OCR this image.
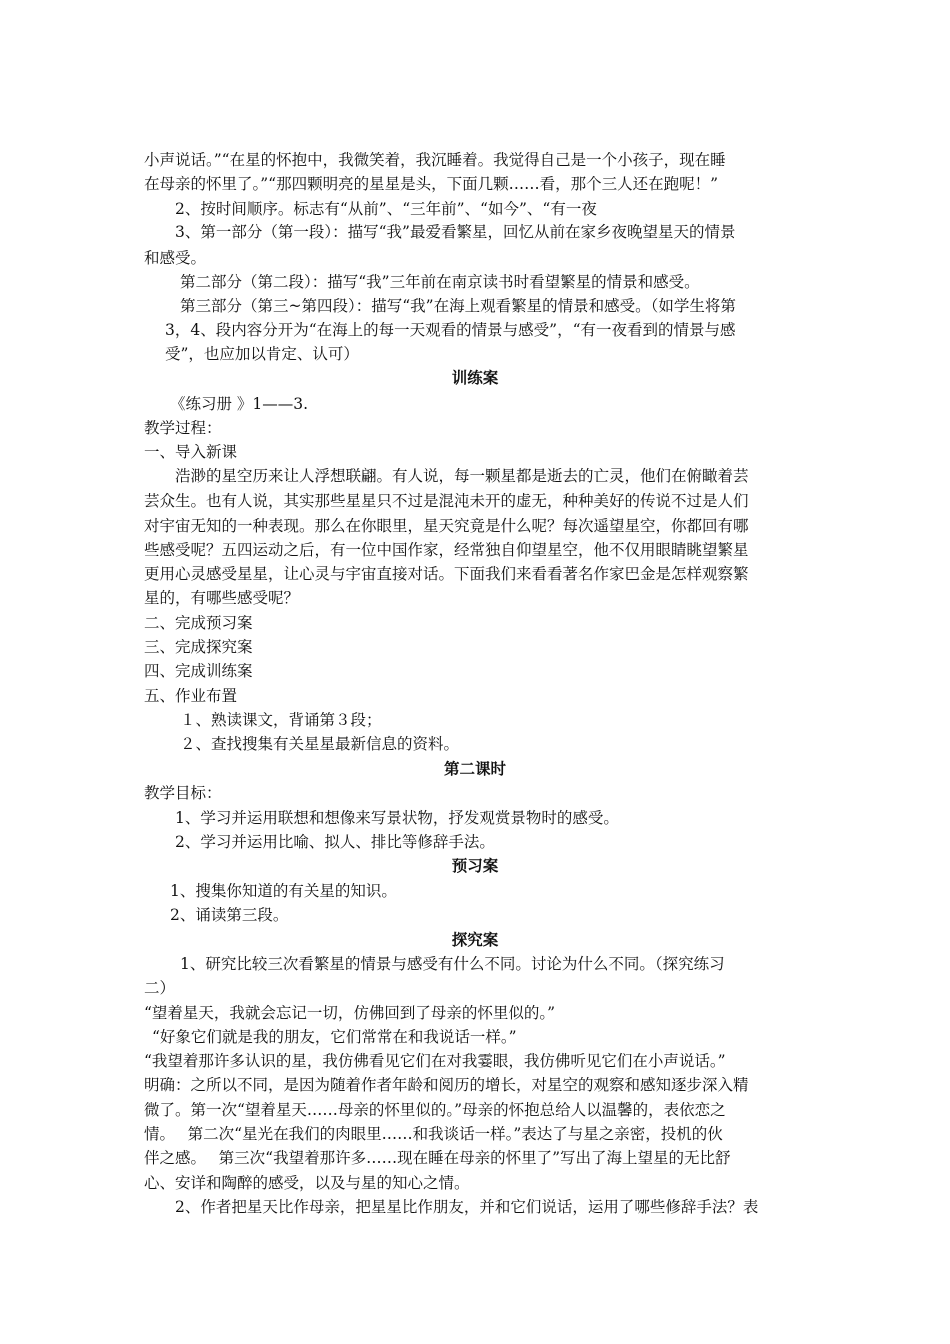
小声说话。”“在星的怀抱中，我微笑着，我沉睡着。我觉得自己是一个小孩子，现在睡
在母亲的怀里了。”“那四颗明亮的星星是头，下面几颗……看，那个三人还在跑呢！”
2、按时间顺序。标志有“从前”、“三年前”、“如今”、“有一夜
3、第一部分（第一段）：描写“我”最爱看繁星，回忆从前在家乡夜晚望星天的情景
和感受。
第二部分（第二段）：描写“我”三年前在南京读书时看望繁星的情景和感受。
第三部分（第三~第四段）：描写“我”在海上观看繁星的情景和感受。（如学生将第
3，4、段内容分开为“在海上的每一天观看的情景与感受”，“有一夜看到的情景与感
受”，也应加以肯定、认可）
训练案
《练习册 》1——3.
教学过程：
一、导入新课
浩渺的星空历来让人浮想联翩。有人说，每一颗星都是逝去的亡灵，他们在俯瞰着芸
芸众生。也有人说，其实那些星星只不过是混沌未开的虚无，种种美好的传说不过是人们
对宇宙无知的一种表现。那么在你眼里，星天究竟是什么呢？每次遥望星空，你都回有哪
些感受呢？五四运动之后，有一位中国作家，经常独自仰望星空，他不仅用眼睛眺望繁星
更用心灵感受星星，让心灵与宇宙直接对话。下面我们来看看著名作家巴金是怎样观察繁
星的，有哪些感受呢？
二、完成预习案
三、完成探究案
四、完成训练案
五、作业布置
１、熟读课文，背诵第３段；
２、查找搜集有关星星最新信息的资料。
第二课时
教学目标：
1、学习并运用联想和想像来写景状物，抒发观赏景物时的感受。
2、学习并运用比喻、拟人、排比等修辞手法。
预习案
1、搜集你知道的有关星的知识。
2、诵读第三段。
探究案
1、研究比较三次看繁星的情景与感受有什么不同。讨论为什么不同。（探究练习
二）
“望着星天，我就会忘记一切，仿佛回到了母亲的怀里似的。”
“好象它们就是我的朋友，它们常常在和我说话一样。”
“我望着那许多认识的星，我仿佛看见它们在对我霎眼，我仿佛听见它们在小声说话。”
明确：之所以不同，是因为随着作者年龄和阅历的增长，对星空的观察和感知逐步深入精
微了。第一次“望着星天……母亲的怀里似的。”母亲的怀抱总给人以温馨的，表依恋之
情。　 第二次“星光在我们的肉眼里……和我谈话一样。”表达了与星之亲密，投机的伙
伴之感。　 第三次“我望着那许多……现在睡在母亲的怀里了”写出了海上望星的无比舒
心、安详和陶醉的感受，以及与星的知心之情。
2、作者把星天比作母亲，把星星比作朋友，并和它们说话，运用了哪些修辞手法？表
